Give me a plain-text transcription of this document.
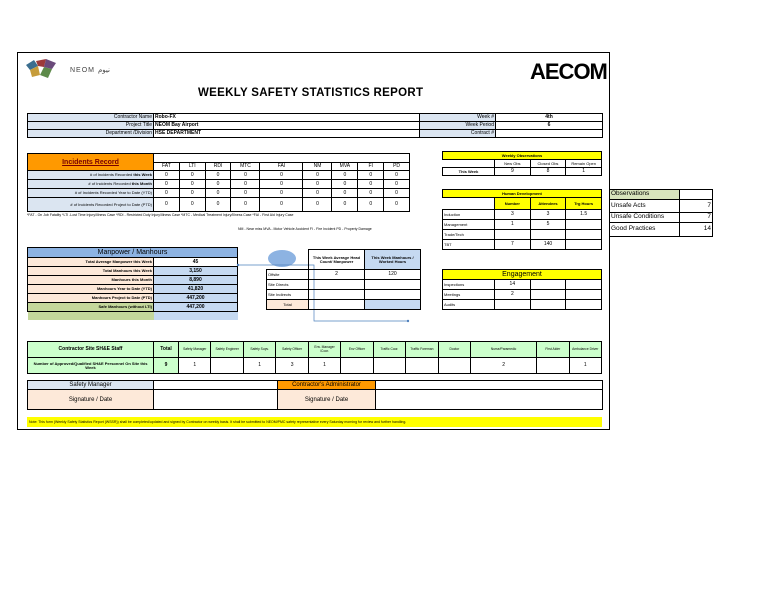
NEOM نيوم	AECOM
WEEKLY SAFETY STATISTICS REPORT
Contractor Name	Robo-FX	Week #	4th
Project Title	NEOM Bay Airport	Week Period	6
Department /Division	HSE DEPARTMENT	Contract #	
Incidents Record									
	FAT	LTI	RDI	MTC	FAI	NM	MVA	FI	PD
# of Incidents Recorded this Week	0	0	0	0	0	0	0	0	0
# of Incidents Recorded this Month	0	0	0	0	0	0	0	0	0
# of Incidents Recorded Year to Date (YTD)	0	0	0	0	0	0	0	0	0
# of Incidents Recorded Project to Date (PTD)	0	0	0	0	0	0	0	0	0
*FAT - On Job Fatality *LTI -Lost Time Injury/Illness Case *RDI - Restricted Duty Injury/Illness Case *MTC - Medical Treatment Injury/Illness Case *FAI - First Aid Injury Case
NM - Near miss MVA - Motor Vehicle Accident FI - Fire Incident PD - Property Damage
Manpower / Manhours	
Total Average Manpower this Week	45
Total Manhours this Week	3,150
Manhours this Month	8,890
Manhours Year to Date (YTD)	41,820
Manhours Project to Date (PTD)	447,200
Safe Manhours (without LTI)	447,200

	This Week Average Head Count/ Manpower	This Week Manhours / Worked Hours
Offsite	2	120
Site Directs		
Site Indirects		
Total		
Weekly Observations			
	New Obs	Closed Obs	Remain Open
This Week	9	8	1
Human Development			
	Number	Attendees	Trg Hours
Induction	3	3	1.5
Management	1	5	
Trade/Tech			
TBT	7	140	
Engagement			
Inspections	14		
Meetings	2		
Audits			
Contractor Site SH&E Staff	Total	Safety Manager	Safety Engineer	Safety Supv.	Safety Officer	Env. Manager /Coor.	Env Officer	Traffic Coor.	Traffic Foreman	Doctor	Nurse/Paramedic	First Aider	Ambulance Driver
Number of Approved/Qualified SH&E Personnel On Site this Week	9	1		1	3	1					2		1
Safety Manager		Contractor's Administrator	
Signature / Date		Signature / Date	
Note: This form (Weekly Safety Statistics Report (WSSR)) shall be completed/updated and signed by Contractor on weekly basis. It shall be submitted to NEOM/PMC safety representative every Saturday morning for review and further handling.
Observations	
Unsafe Acts	7
Unsafe Conditions	7
Good Practices	14
